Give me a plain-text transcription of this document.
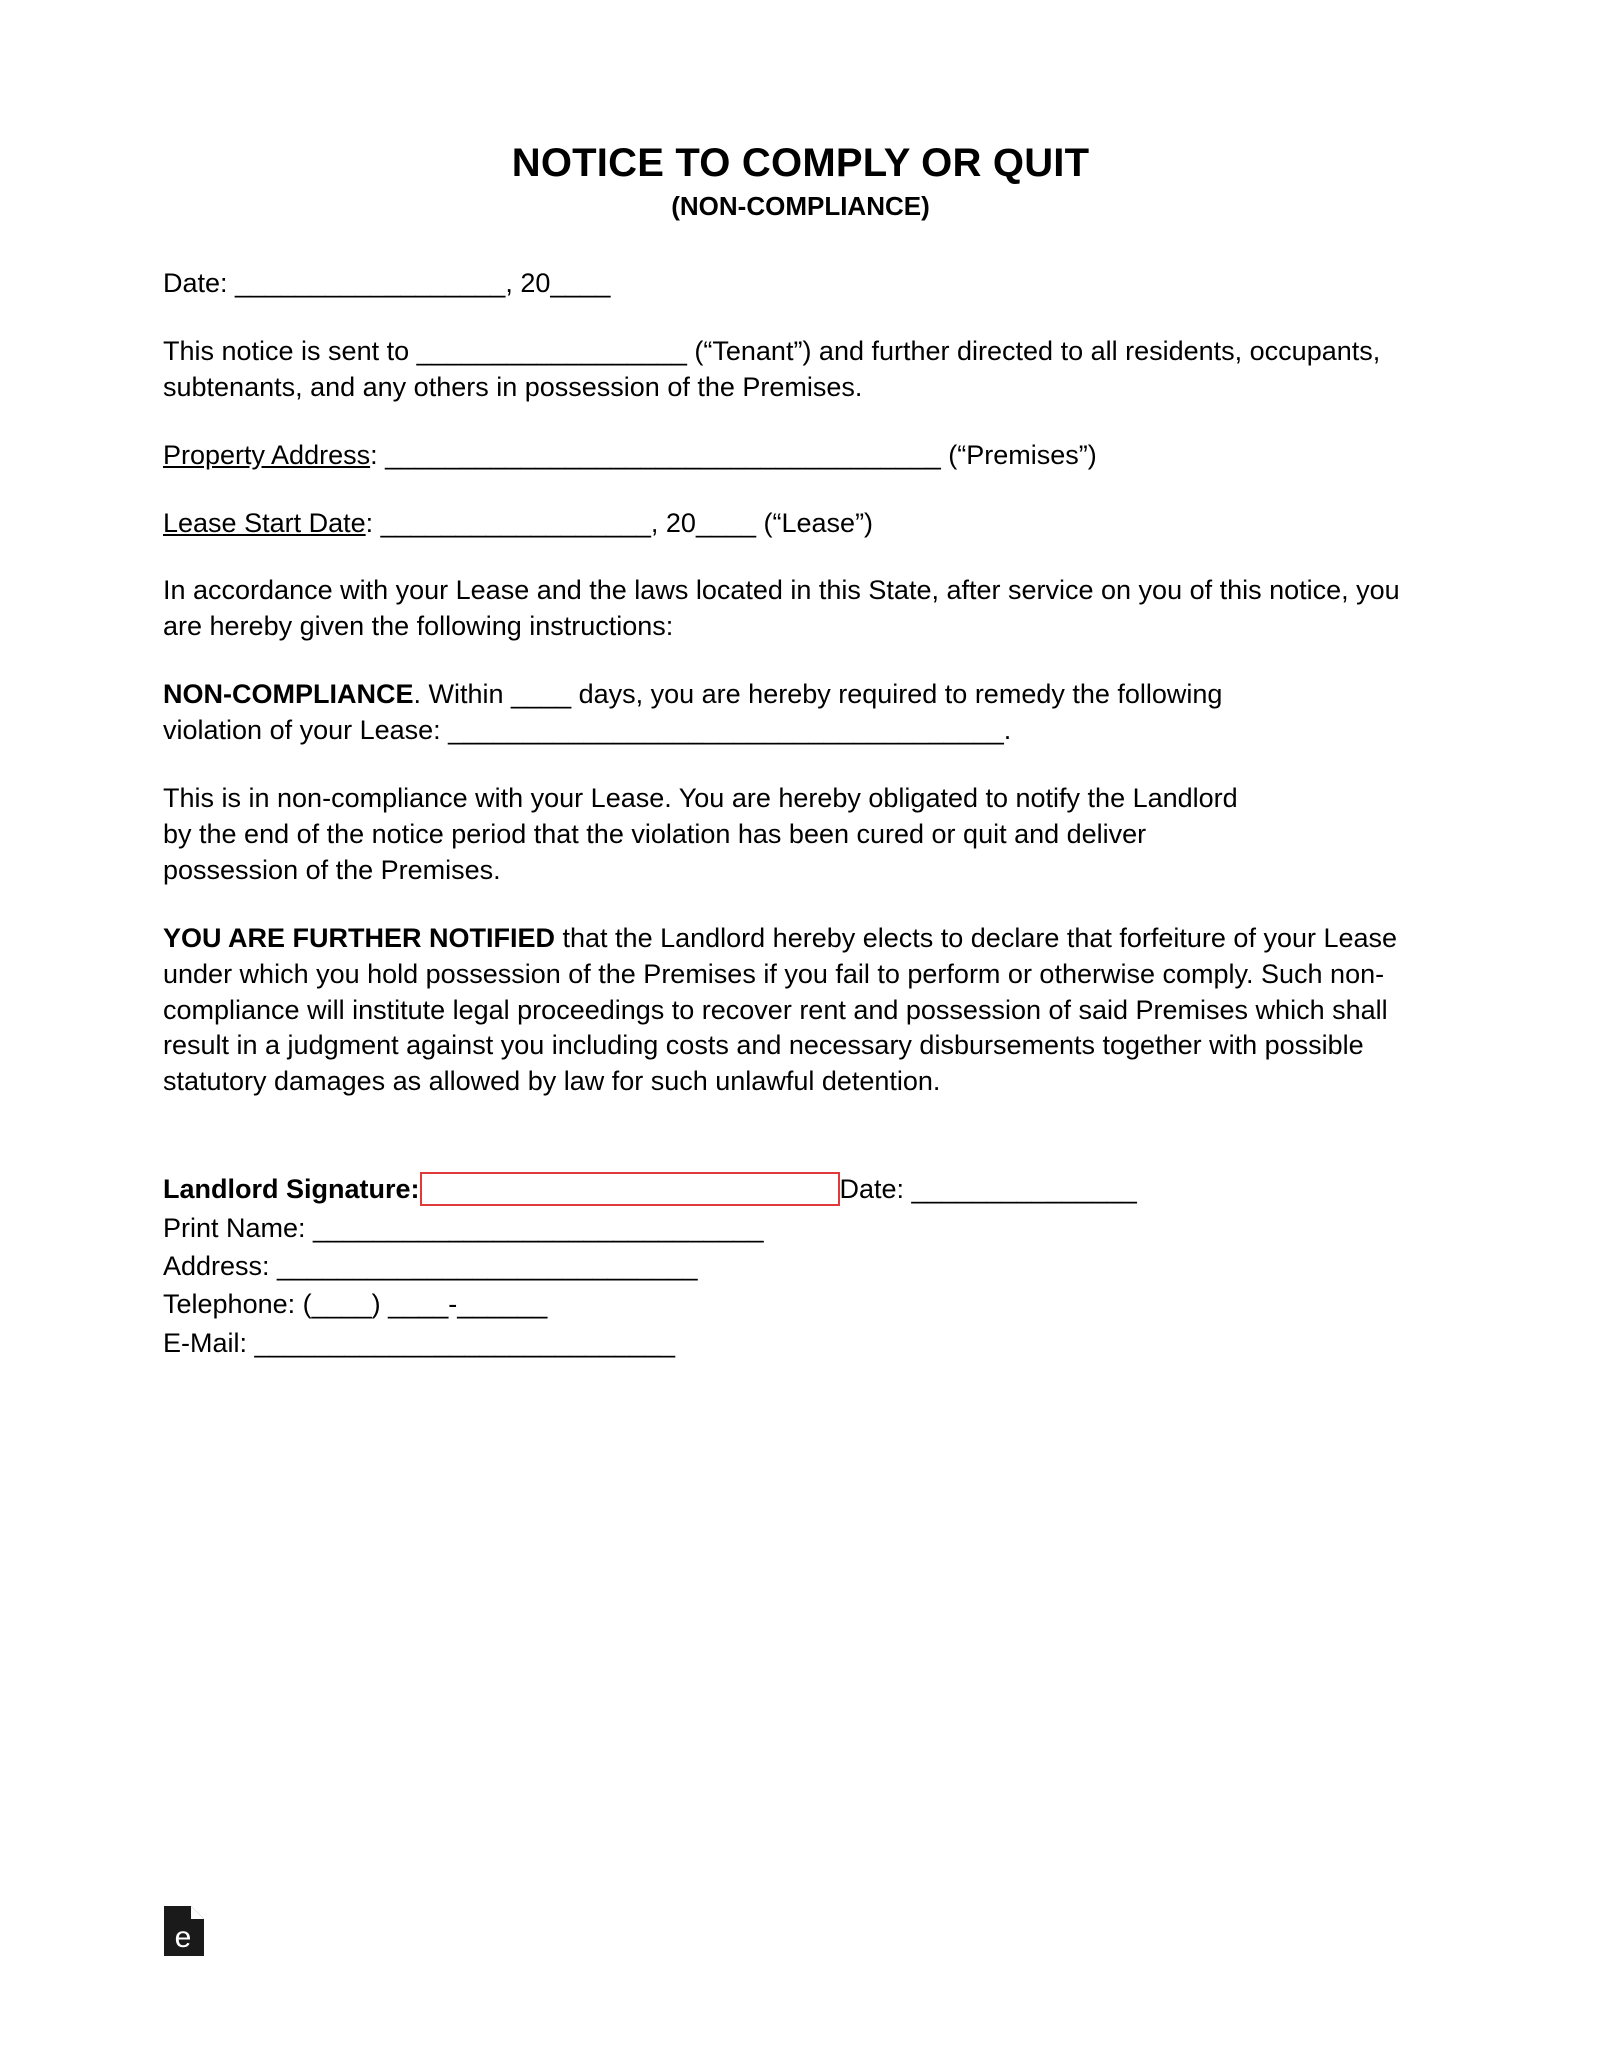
NOTICE TO COMPLY OR QUIT
(NON-COMPLIANCE)

Date: __________________, 20____

This notice is sent to __________________ (“Tenant”) and further directed to all residents, occupants, subtenants, and any others in possession of the Premises.

Property Address: _____________________________________ (“Premises”)

Lease Start Date: __________________, 20____ (“Lease”)

In accordance with your Lease and the laws located in this State, after service on you of this notice, you are hereby given the following instructions:

NON-COMPLIANCE. Within ____ days, you are hereby required to remedy the following violation of your Lease: _____________________________________.

This is in non-compliance with your Lease. You are hereby obligated to notify the Landlord by the end of the notice period that the violation has been cured or quit and deliver possession of the Premises.

YOU ARE FURTHER NOTIFIED that the Landlord hereby elects to declare that forfeiture of your Lease under which you hold possession of the Premises if you fail to perform or otherwise comply. Such non-compliance will institute legal proceedings to recover rent and possession of said Premises which shall result in a judgment against you including costs and necessary disbursements together with possible statutory damages as allowed by law for such unlawful detention.

Landlord Signature :	Date: _______________
Print Name: ______________________________
Address: ____________________________
Telephone: (____) ____-______
E-Mail: ____________________________
e
